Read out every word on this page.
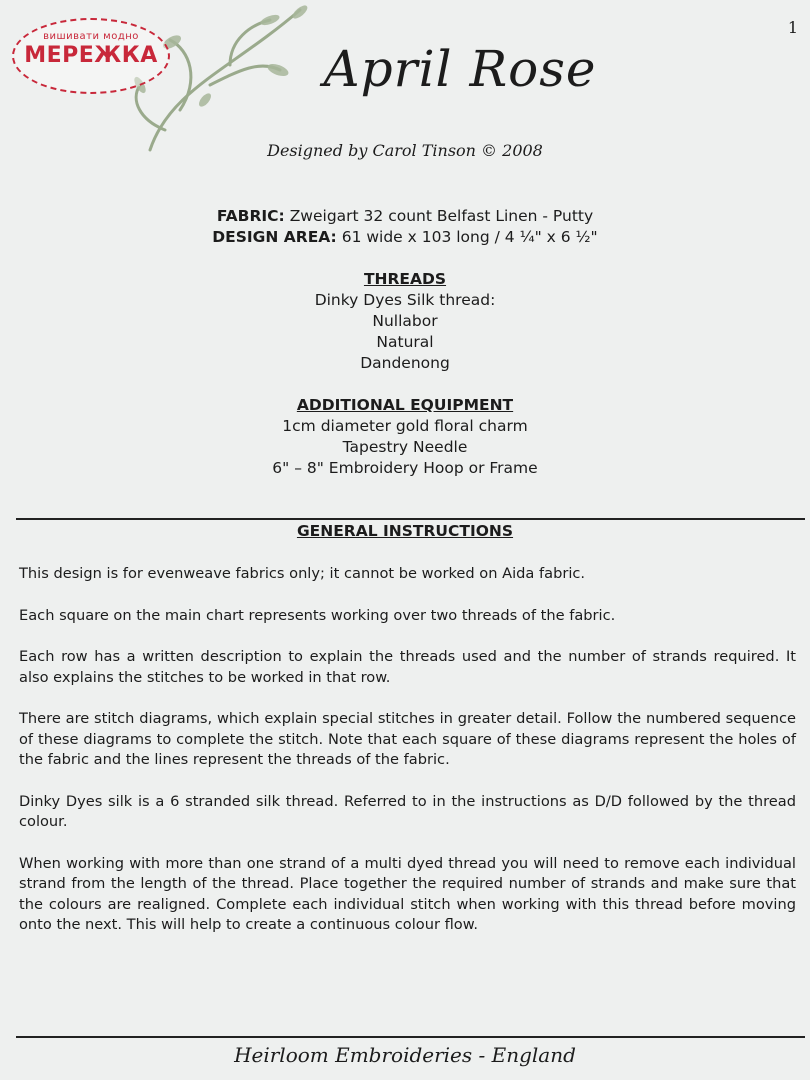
1
вишивати модно
МЕРЕЖКА	April Rose
Designed by Carol Tinson © 2008
FABRIC: Zweigart 32 count Belfast Linen - Putty
DESIGN AREA: 61 wide x 103 long / 4 ¼" x 6 ½"
THREADS
Dinky Dyes Silk thread:
Nullabor
Natural
Dandenong
ADDITIONAL EQUIPMENT
1cm diameter gold floral charm
Tapestry Needle
6" – 8" Embroidery Hoop or Frame
GENERAL INSTRUCTIONS

This design is for evenweave fabrics only; it cannot be worked on Aida fabric.

Each square on the main chart represents working over two threads of the fabric.

Each row has a written description to explain the threads used and the number of strands required. It also explains the stitches to be worked in that row.

There are stitch diagrams, which explain special stitches in greater detail. Follow the numbered sequence of these diagrams to complete the stitch. Note that each square of these diagrams represent the holes of the fabric and the lines represent the threads of the fabric.

Dinky Dyes silk is a 6 stranded silk thread. Referred to in the instructions as D/D followed by the thread colour.

When working with more than one strand of a multi dyed thread you will need to remove each individual strand from the length of the thread. Place together the required number of strands and make sure that the colours are realigned. Complete each individual stitch when working with this thread before moving onto the next. This will help to create a continuous colour flow.

Heirloom Embroideries - England
